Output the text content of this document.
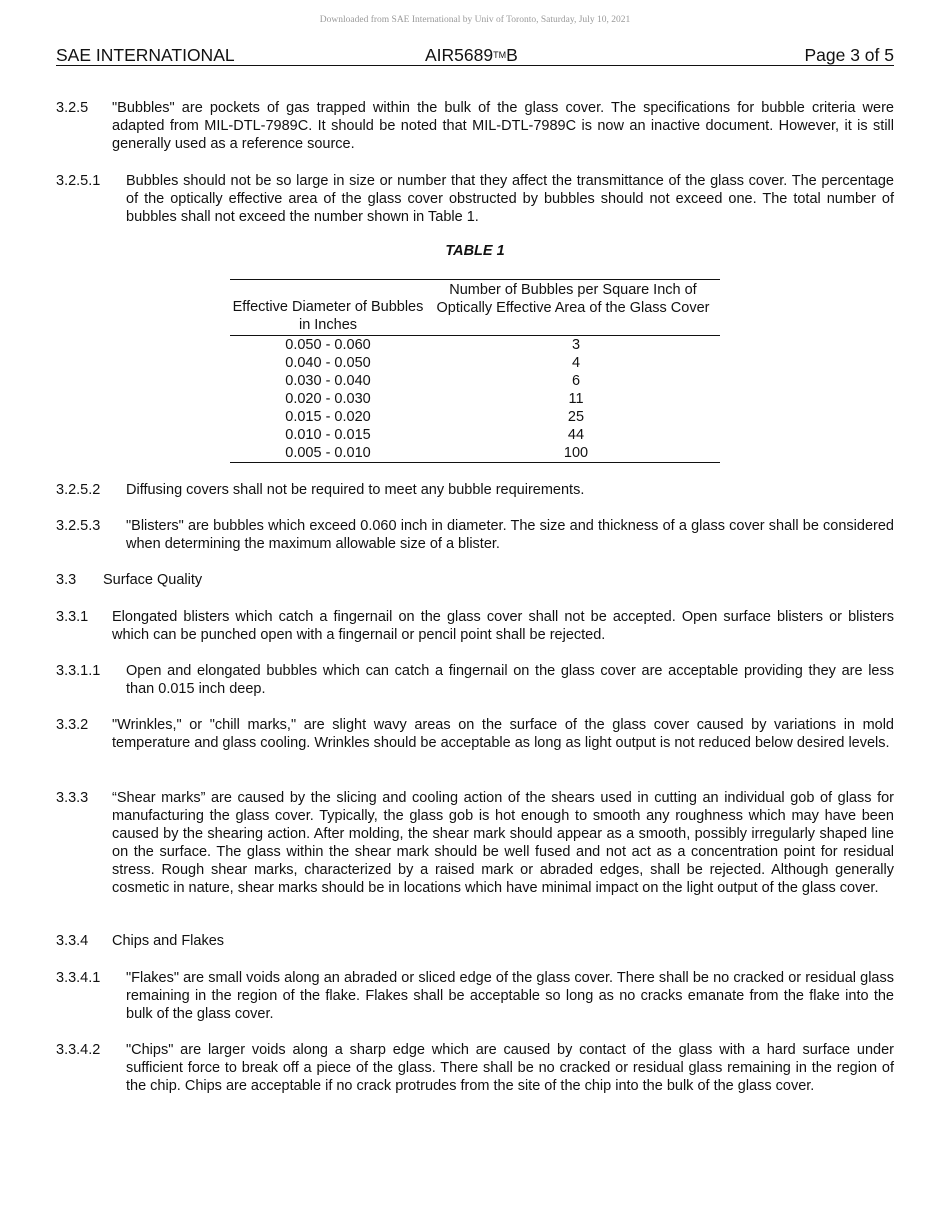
Downloaded from SAE International by Univ of Toronto, Saturday, July 10, 2021
SAE INTERNATIONAL	AIR5689™B	Page 3 of 5
3.2.5 "Bubbles" are pockets of gas trapped within the bulk of the glass cover. The specifications for bubble criteria were adapted from MIL-DTL-7989C. It should be noted that MIL-DTL-7989C is now an inactive document. However, it is still generally used as a reference source.
3.2.5.1 Bubbles should not be so large in size or number that they affect the transmittance of the glass cover. The percentage of the optically effective area of the glass cover obstructed by bubbles should not exceed one. The total number of bubbles shall not exceed the number shown in Table 1.
TABLE 1
Effective Diameter of Bubbles in Inches
Number of Bubbles per Square Inch of Optically Effective Area of the Glass Cover
0.050 - 0.060	3
0.040 - 0.050	4
0.030 - 0.040	6
0.020 - 0.030	11
0.015 - 0.020	25
0.010 - 0.015	44
0.005 - 0.010	100
3.2.5.2 Diffusing covers shall not be required to meet any bubble requirements.
3.2.5.3 "Blisters" are bubbles which exceed 0.060 inch in diameter. The size and thickness of a glass cover shall be considered when determining the maximum allowable size of a blister.
3.3 Surface Quality
3.3.1 Elongated blisters which catch a fingernail on the glass cover shall not be accepted. Open surface blisters or blisters which can be punched open with a fingernail or pencil point shall be rejected.
3.3.1.1 Open and elongated bubbles which can catch a fingernail on the glass cover are acceptable providing they are less than 0.015 inch deep.
3.3.2 "Wrinkles," or "chill marks," are slight wavy areas on the surface of the glass cover caused by variations in mold temperature and glass cooling. Wrinkles should be acceptable as long as light output is not reduced below desired levels.
3.3.3 “Shear marks” are caused by the slicing and cooling action of the shears used in cutting an individual gob of glass for manufacturing the glass cover. Typically, the glass gob is hot enough to smooth any roughness which may have been caused by the shearing action. After molding, the shear mark should appear as a smooth, possibly irregularly shaped line on the surface. The glass within the shear mark should be well fused and not act as a concentration point for residual stress. Rough shear marks, characterized by a raised mark or abraded edges, shall be rejected. Although generally cosmetic in nature, shear marks should be in locations which have minimal impact on the light output of the glass cover.
3.3.4 Chips and Flakes
3.3.4.1 "Flakes" are small voids along an abraded or sliced edge of the glass cover. There shall be no cracked or residual glass remaining in the region of the flake. Flakes shall be acceptable so long as no cracks emanate from the flake into the bulk of the glass cover.
3.3.4.2 "Chips" are larger voids along a sharp edge which are caused by contact of the glass with a hard surface under sufficient force to break off a piece of the glass. There shall be no cracked or residual glass remaining in the region of the chip. Chips are acceptable if no crack protrudes from the site of the chip into the bulk of the glass cover.
